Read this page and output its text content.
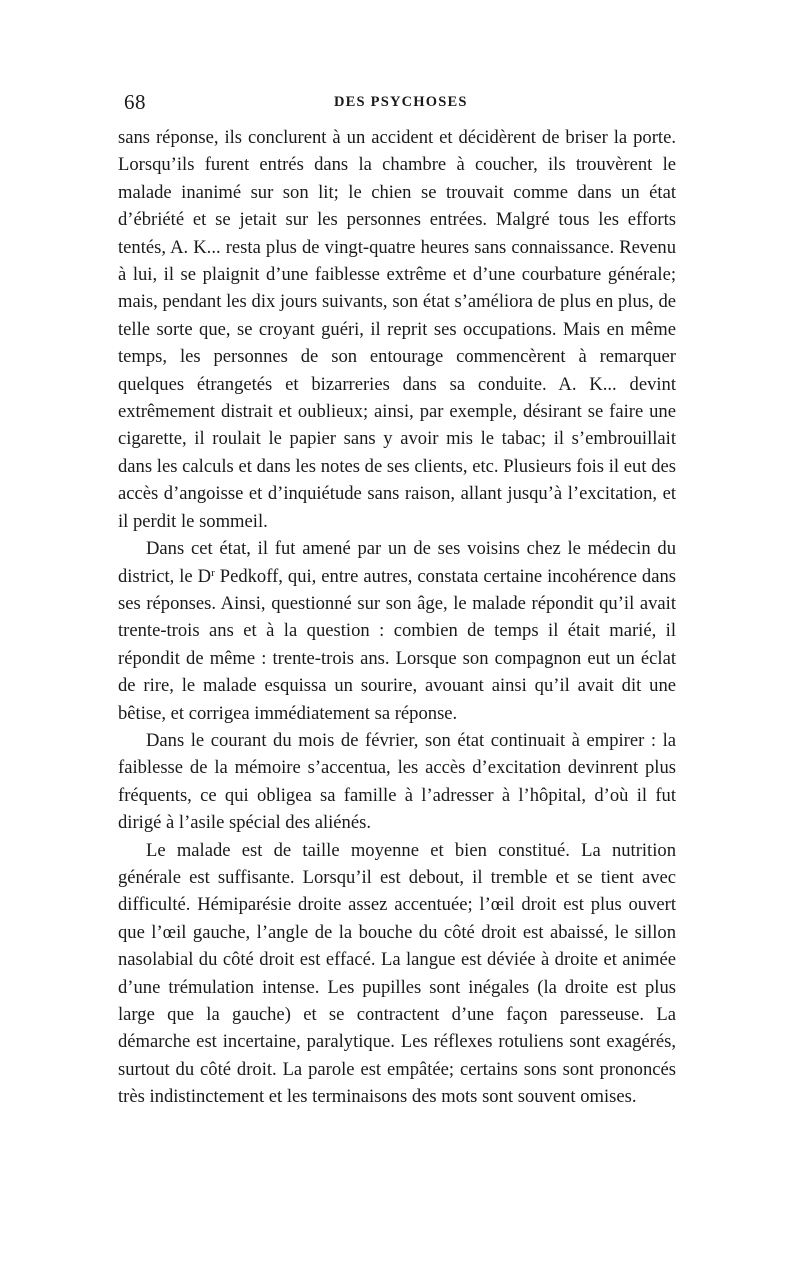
68	DES PSYCHOSES

sans réponse, ils conclurent à un accident et décidèrent de briser la porte. Lorsqu’ils furent entrés dans la chambre à coucher, ils trouvèrent le malade inanimé sur son lit; le chien se trouvait comme dans un état d’ébriété et se jetait sur les personnes entrées. Malgré tous les efforts tentés, A. K... resta plus de vingt-quatre heures sans connaissance. Revenu à lui, il se plaignit d’une faiblesse extrême et d’une courbature générale; mais, pendant les dix jours suivants, son état s’améliora de plus en plus, de telle sorte que, se croyant guéri, il reprit ses occupations. Mais en même temps, les personnes de son entourage commencèrent à remarquer quelques étrangetés et bizarreries dans sa conduite. A. K... devint extrêmement distrait et oublieux; ainsi, par exemple, désirant se faire une cigarette, il roulait le papier sans y avoir mis le tabac; il s’embrouillait dans les calculs et dans les notes de ses clients, etc. Plusieurs fois il eut des accès d’angoisse et d’inquiétude sans raison, allant jusqu’à l’excitation, et il perdit le sommeil.

Dans cet état, il fut amené par un de ses voisins chez le médecin du district, le $D^r$ Pedkoff, qui, entre autres, constata certaine incohérence dans ses réponses. Ainsi, questionné sur son âge, le malade répondit qu’il avait trente-trois ans et à la question : combien de temps il était marié, il répondit de même : trente-trois ans. Lorsque son compagnon eut un éclat de rire, le malade esquissa un sourire, avouant ainsi qu’il avait dit une bêtise, et corrigea immédiatement sa réponse.

Dans le courant du mois de février, son état continuait à empirer : la faiblesse de la mémoire s’accentua, les accès d’excitation devinrent plus fréquents, ce qui obligea sa famille à l’adresser à l’hôpital, d’où il fut dirigé à l’asile spécial des aliénés.

Le malade est de taille moyenne et bien constitué. La nutrition générale est suffisante. Lorsqu’il est debout, il tremble et se tient avec difficulté. Hémiparésie droite assez accentuée; l’œil droit est plus ouvert que l’œil gauche, l’angle de la bouche du côté droit est abaissé, le sillon nasolabial du côté droit est effacé. La langue est déviée à droite et animée d’une trémulation intense. Les pupilles sont inégales (la droite est plus large que la gauche) et se contractent d’une façon paresseuse. La démarche est incertaine, paralytique. Les réflexes rotuliens sont exagérés, surtout du côté droit. La parole est empâtée; certains sons sont prononcés très indistinctement et les terminaisons des mots sont souvent omises.
